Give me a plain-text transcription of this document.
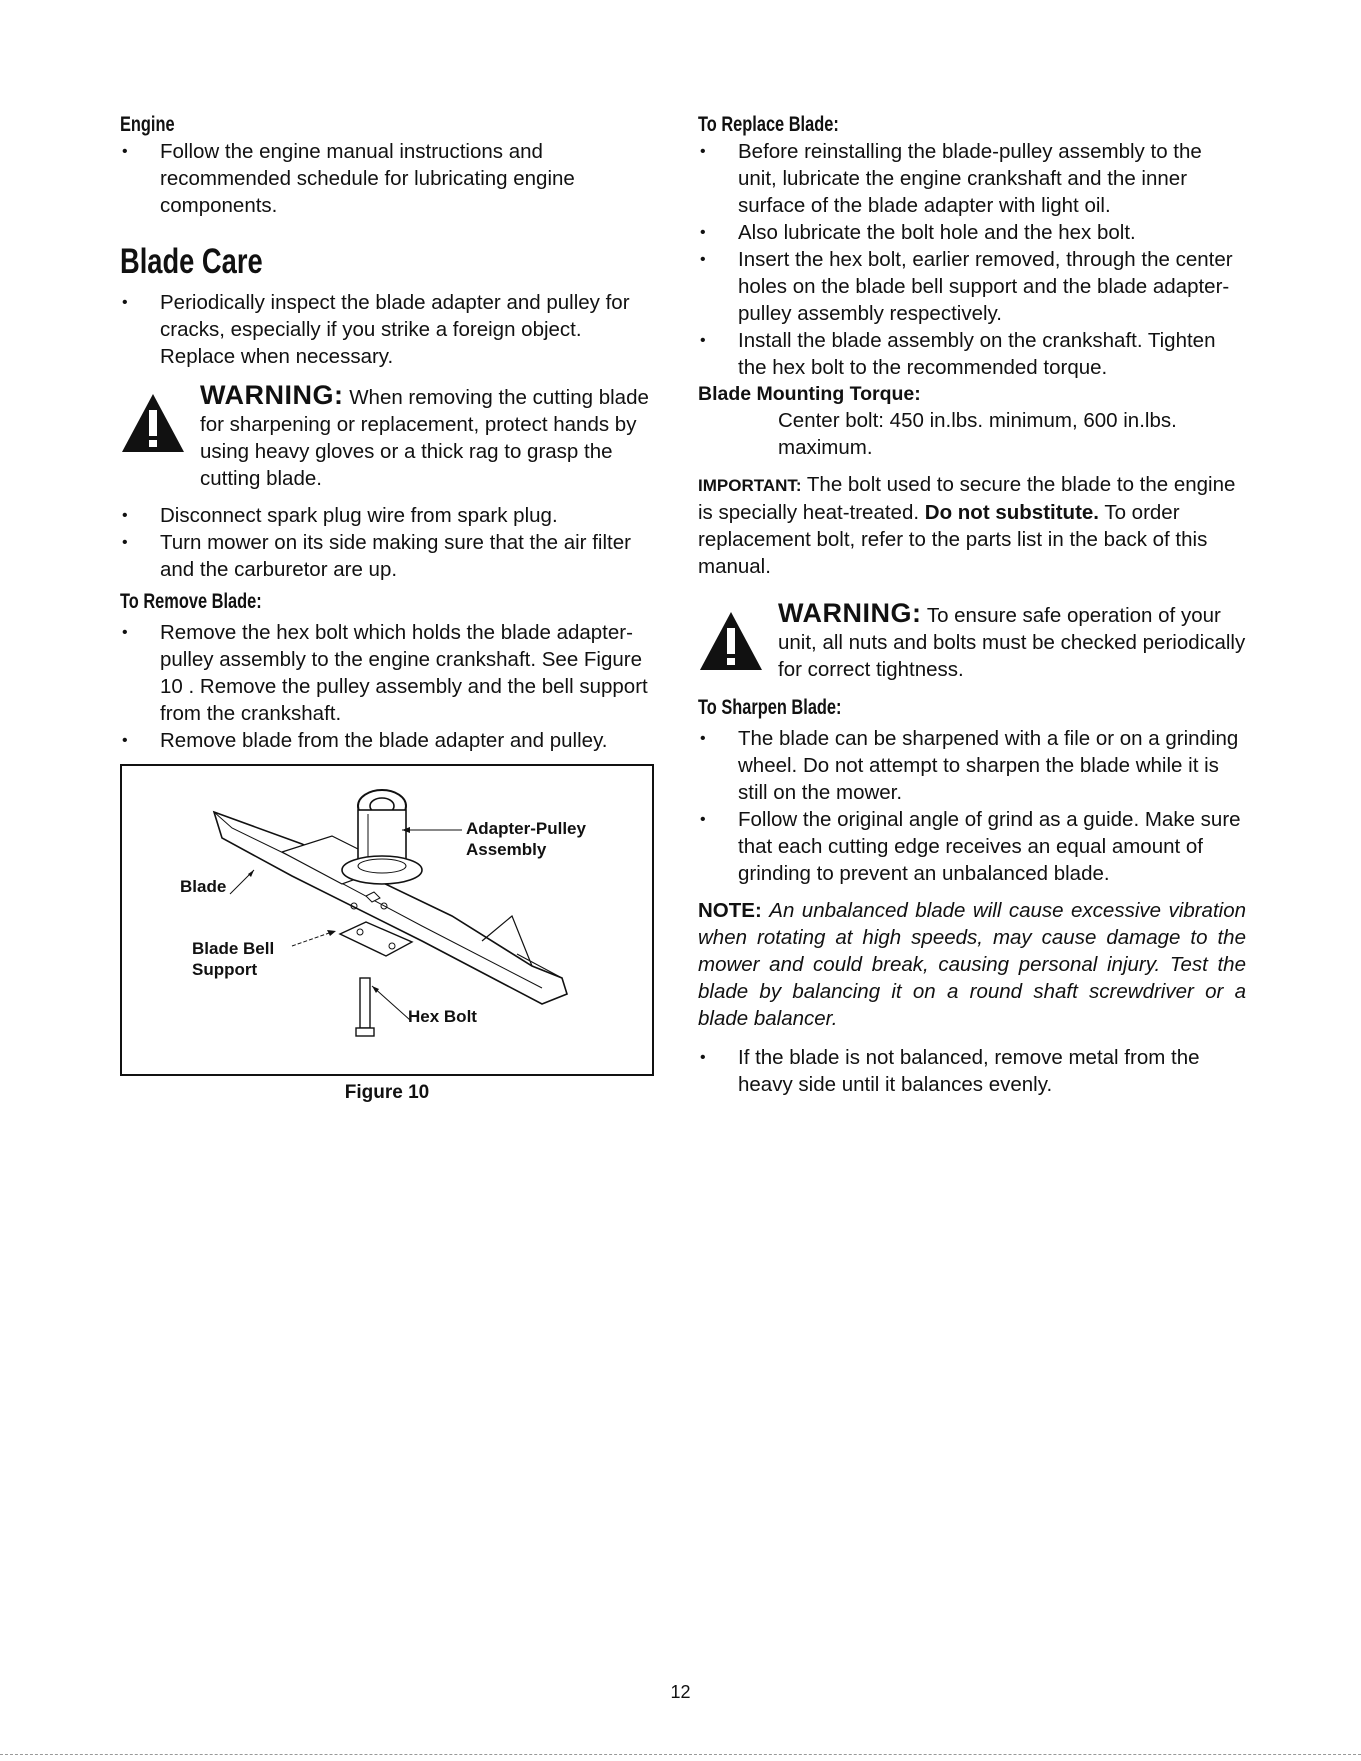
Engine
• Follow the engine manual instructions and recommended schedule for lubricating engine components.
Blade Care
• Periodically inspect the blade adapter and pulley for cracks, especially if you strike a foreign object. Replace when necessary.
WARNING: When removing the cutting blade for sharpening or replacement, protect hands by using heavy gloves or a thick rag to grasp the cutting blade.
• Disconnect spark plug wire from spark plug.
• Turn mower on its side making sure that the air filter and the carburetor are up.
To Remove Blade:
• Remove the hex bolt which holds the blade adapter-pulley assembly to the engine crankshaft. See Figure 10 . Remove the pulley assembly and the bell support from the crankshaft.
• Remove blade from the blade adapter and pulley.
Adapter-Pulley Assembly
Blade
Blade Bell Support
Hex Bolt
Figure 10
To Replace Blade:
• Before reinstalling the blade-pulley assembly to the unit, lubricate the engine crankshaft and the inner surface of the blade adapter with light oil.
• Also lubricate the bolt hole and the hex bolt.
• Insert the hex bolt, earlier removed, through the center holes on the blade bell support and the blade adapter-pulley assembly respectively.
• Install the blade assembly on the crankshaft. Tighten the hex bolt to the recommended torque.
Blade Mounting Torque:
Center bolt: 450 in.lbs. minimum, 600 in.lbs. maximum.
IMPORTANT: The bolt used to secure the blade to the engine is specially heat-treated. Do not substitute. To order replacement bolt, refer to the parts list in the back of this manual.
WARNING: To ensure safe operation of your unit, all nuts and bolts must be checked periodically for correct tightness.
To Sharpen Blade:
• The blade can be sharpened with a file or on a grinding wheel. Do not attempt to sharpen the blade while it is still on the mower.
• Follow the original angle of grind as a guide. Make sure that each cutting edge receives an equal amount of grinding to prevent an unbalanced blade.
NOTE: An unbalanced blade will cause excessive vibration when rotating at high speeds, may cause damage to the mower and could break, causing personal injury. Test the blade by balancing it on a round shaft screwdriver or a blade balancer.
• If the blade is not balanced, remove metal from the heavy side until it balances evenly.
12
